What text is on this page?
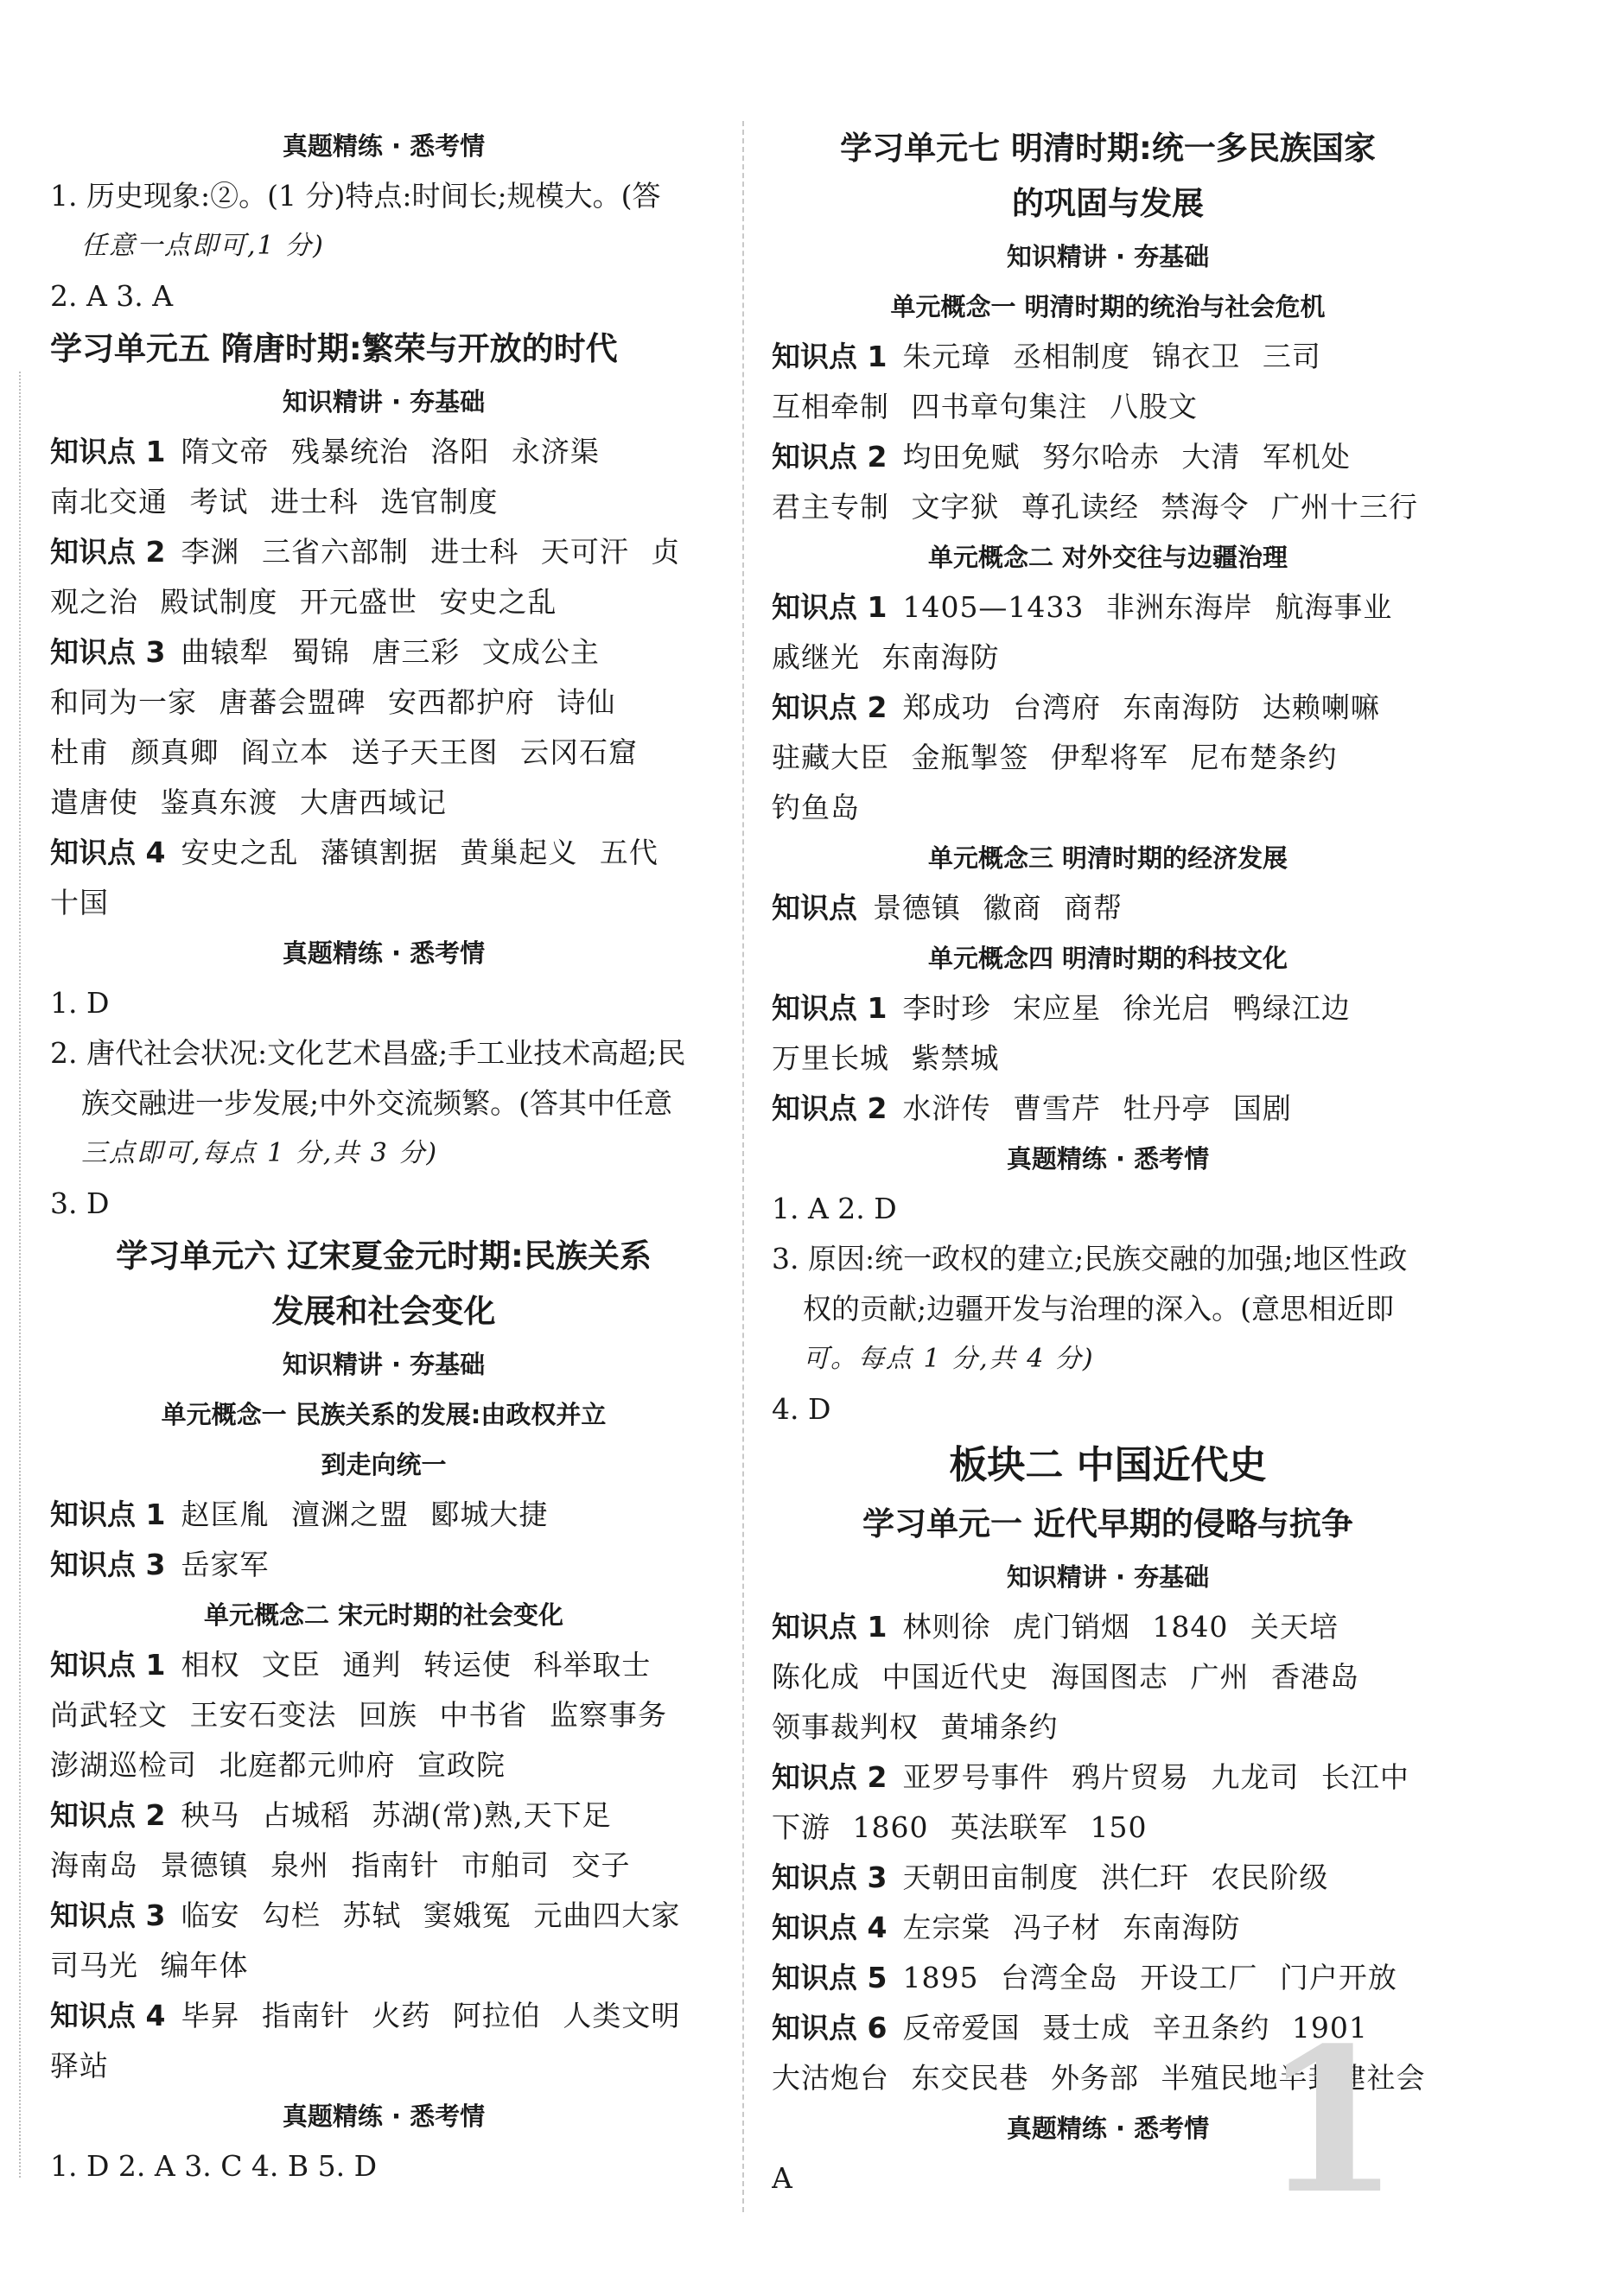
真题精练 · 悉考情
1. 历史现象:②。(1 分)特点:时间长;规模大。(答
任意一点即可,1 分)
2. A 3. A
学习单元五 隋唐时期:繁荣与开放的时代
知识精讲 · 夯基础
知识点 1 隋文帝 残暴统治 洛阳 永济渠
南北交通 考试 进士科 选官制度
知识点 2 李渊 三省六部制 进士科 天可汗 贞
观之治 殿试制度 开元盛世 安史之乱
知识点 3 曲辕犁 蜀锦 唐三彩 文成公主
和同为一家 唐蕃会盟碑 安西都护府 诗仙
杜甫 颜真卿 阎立本 送子天王图 云冈石窟
遣唐使 鉴真东渡 大唐西域记
知识点 4 安史之乱 藩镇割据 黄巢起义 五代
十国
真题精练 · 悉考情
1. D
2. 唐代社会状况:文化艺术昌盛;手工业技术高超;民
族交融进一步发展;中外交流频繁。(答其中任意
三点即可,每点 1 分,共 3 分)
3. D
学习单元六 辽宋夏金元时期:民族关系
发展和社会变化
知识精讲 · 夯基础
单元概念一 民族关系的发展:由政权并立
到走向统一
知识点 1 赵匡胤 澶渊之盟 郾城大捷
知识点 3 岳家军
单元概念二 宋元时期的社会变化
知识点 1 相权 文臣 通判 转运使 科举取士
尚武轻文 王安石变法 回族 中书省 监察事务
澎湖巡检司 北庭都元帅府 宣政院
知识点 2 秧马 占城稻 苏湖(常)熟,天下足
海南岛 景德镇 泉州 指南针 市舶司 交子
知识点 3 临安 勾栏 苏轼 窦娥冤 元曲四大家
司马光 编年体
知识点 4 毕昇 指南针 火药 阿拉伯 人类文明
驿站
真题精练 · 悉考情
1. D 2. A 3. C 4. B 5. D
学习单元七 明清时期:统一多民族国家
的巩固与发展
知识精讲 · 夯基础
单元概念一 明清时期的统治与社会危机
知识点 1 朱元璋 丞相制度 锦衣卫 三司
互相牵制 四书章句集注 八股文
知识点 2 均田免赋 努尔哈赤 大清 军机处
君主专制 文字狱 尊孔读经 禁海令 广州十三行
单元概念二 对外交往与边疆治理
知识点 1 1405—1433 非洲东海岸 航海事业
戚继光 东南海防
知识点 2 郑成功 台湾府 东南海防 达赖喇嘛
驻藏大臣 金瓶掣签 伊犁将军 尼布楚条约
钓鱼岛
单元概念三 明清时期的经济发展
知识点 景德镇 徽商 商帮
单元概念四 明清时期的科技文化
知识点 1 李时珍 宋应星 徐光启 鸭绿江边
万里长城 紫禁城
知识点 2 水浒传 曹雪芹 牡丹亭 国剧
真题精练 · 悉考情
1. A 2. D
3. 原因:统一政权的建立;民族交融的加强;地区性政
权的贡献;边疆开发与治理的深入。(意思相近即
可。每点 1 分,共 4 分)
4. D
板块二 中国近代史
学习单元一 近代早期的侵略与抗争
知识精讲 · 夯基础
知识点 1 林则徐 虎门销烟 1840 关天培
陈化成 中国近代史 海国图志 广州 香港岛
领事裁判权 黄埔条约
知识点 2 亚罗号事件 鸦片贸易 九龙司 长江中
下游 1860 英法联军 150
知识点 3 天朝田亩制度 洪仁玕 农民阶级
知识点 4 左宗棠 冯子材 东南海防
知识点 5 1895 台湾全岛 开设工厂 门户开放
知识点 6 反帝爱国 聂士成 辛丑条约 1901
大沽炮台 东交民巷 外务部 半殖民地半封建社会
真题精练 · 悉考情
A	1
